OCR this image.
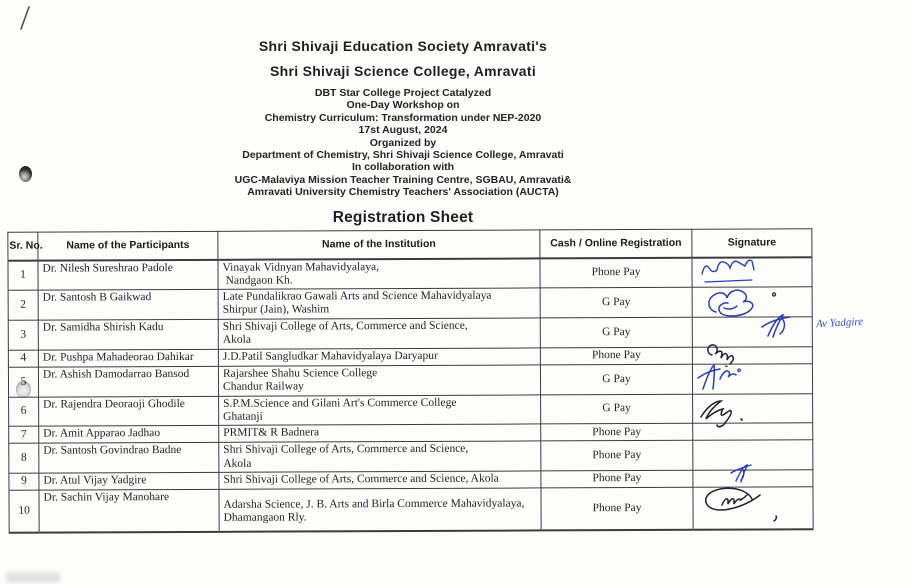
Shri Shivaji Education Society Amravati's
Shri Shivaji Science College, Amravati
DBT Star College Project Catalyzed
One-Day Workshop on
Chemistry Curriculum: Transformation under NEP-2020
17st August, 2024
Organized by
Department of Chemistry, Shri Shivaji Science College, Amravati
In collaboration with
UGC-Malaviya Mission Teacher Training Centre, SGBAU, Amravati&
Amravati University Chemistry Teachers' Association (AUCTA)
Registration Sheet
Sr. No.	Name of the Participants	Name of the Institution	Cash / Online Registration	Signature
1	Dr. Nilesh Sureshrao Padole	Vinayak Vidnyan Mahavidyalaya,
Nandgaon Kh.	Phone Pay	
2	Dr. Santosh B Gaikwad	Late Pundalikrao Gawali Arts and Science Mahavidyalaya
Shirpur (Jain), Washim	G Pay	
3	Dr. Samidha Shirish Kadu	Shri Shivaji College of Arts, Commerce and Science,
Akola	G Pay	
4	Dr. Pushpa Mahadeorao Dahikar	J.D.Patil Sangludkar Mahavidyalaya Daryapur	Phone Pay	
5	Dr. Ashish Damodarrao Bansod	Rajarshee Shahu Science College
Chandur Railway	G Pay	
6	Dr. Rajendra Deoraoji Ghodile	S.P.M.Science and Gilani Art's Commerce College
Ghatanji	G Pay	
7	Dr. Amit Apparao Jadhao	PRMIT& R Badnera	Phone Pay	
8	Dr. Santosh Govindrao Badne	Shri Shivaji College of Arts, Commerce and Science,
Akola	Phone Pay	
9	Dr. Atul Vijay Yadgire	Shri Shivaji College of Arts, Commerce and Science, Akola	Phone Pay	
10	Dr. Sachin Vijay Manohare	Adarsha Science, J. B. Arts and Birla Commerce Mahavidyalaya,
Dhamangaon Rly.	Phone Pay	
Av Yadgire
